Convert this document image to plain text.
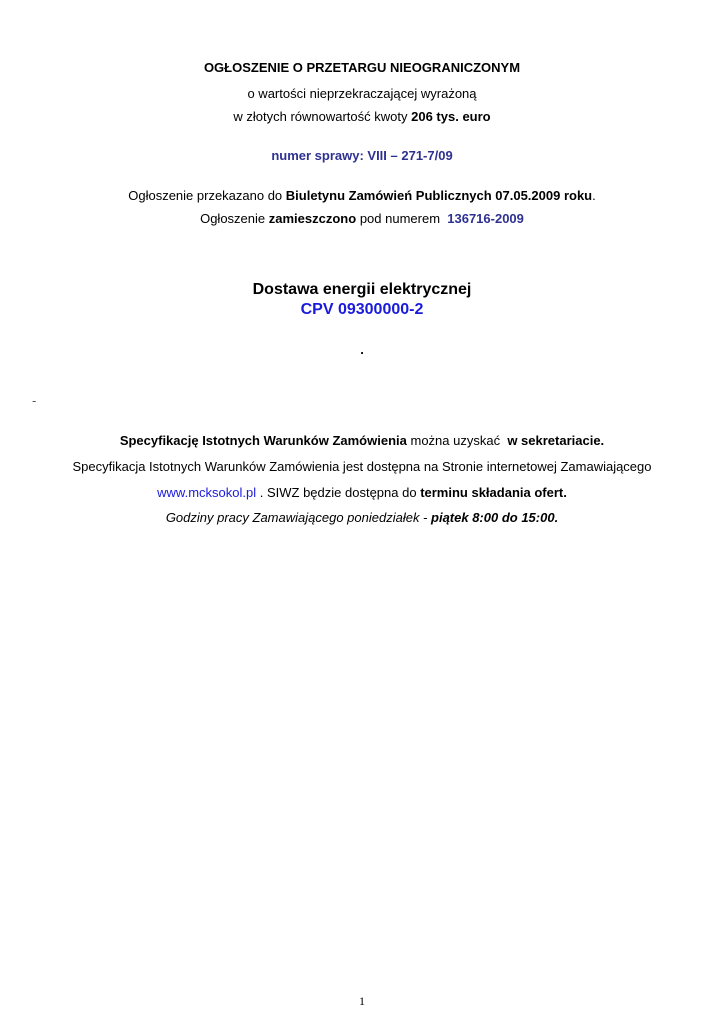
OGŁOSZENIE O PRZETARGU NIEOGRANICZONYM
o wartości nieprzekraczającej wyrażoną
w złotych równowartość kwoty 206 tys. euro
numer sprawy: VIII – 271-7/09
Ogłoszenie przekazano do Biuletynu Zamówień Publicznych 07.05.2009 roku.
Ogłoszenie zamieszczono pod numerem 136716-2009
Dostawa energii elektrycznej
CPV 09300000-2
.
-
Specyfikację Istotnych Warunków Zamówienia można uzyskać w sekretariacie.
Specyfikacja Istotnych Warunków Zamówienia jest dostępna na Stronie internetowej Zamawiającego
www.mcksokol.pl . SIWZ będzie dostępna do terminu składania ofert.
Godziny pracy Zamawiającego poniedziałek - piątek 8:00 do 15:00.
1
